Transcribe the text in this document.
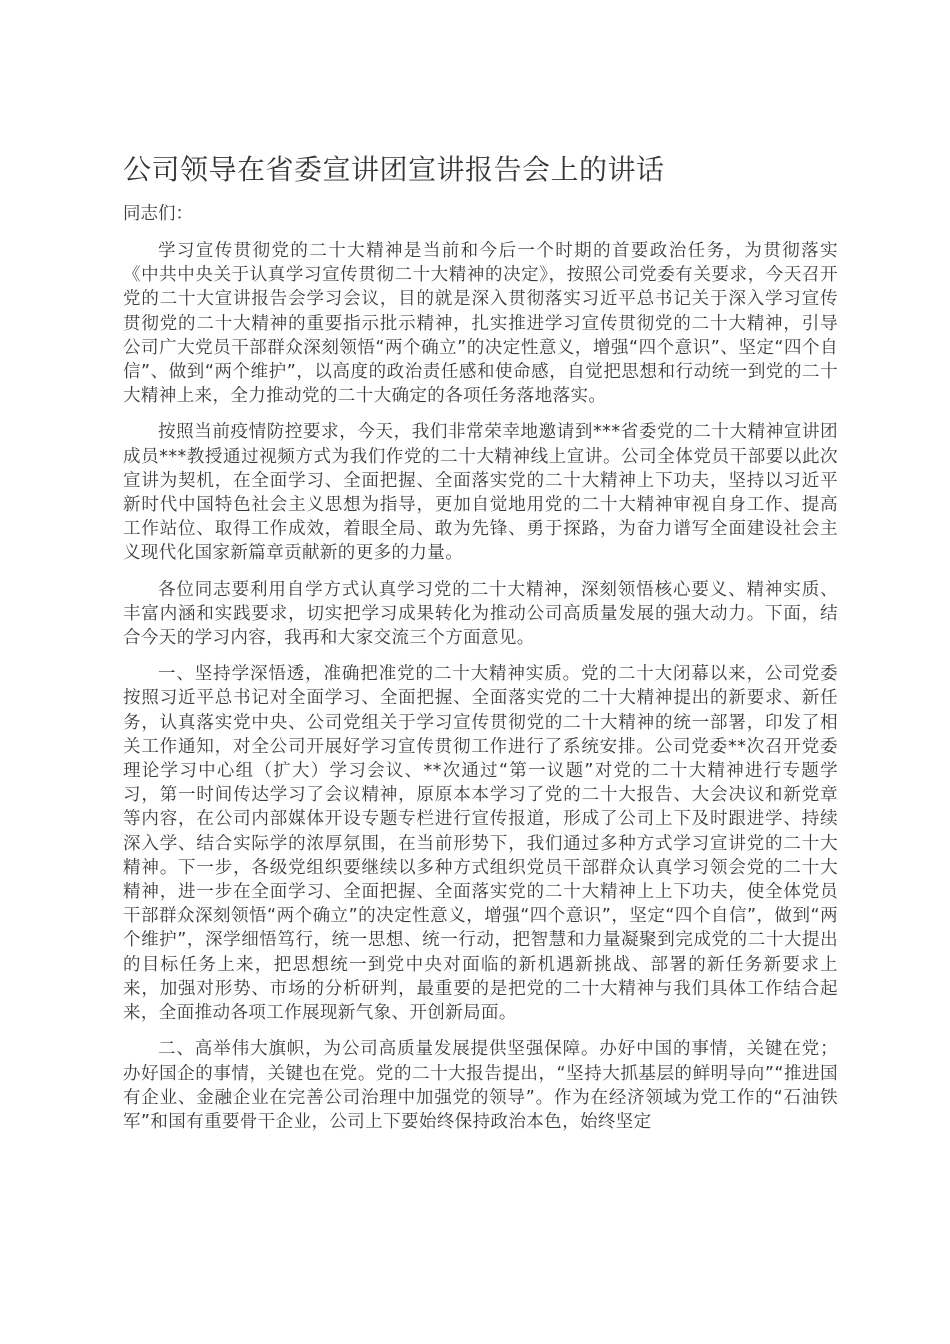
公司领导在省委宣讲团宣讲报告会上的讲话

同志们：

学习宣传贯彻党的二十大精神是当前和今后一个时期的首要政治任务，为贯彻落实《中共中央关于认真学习宣传贯彻二十大精神的决定》，按照公司党委有关要求，今天召开党的二十大宣讲报告会学习会议，目的就是深入贯彻落实习近平总书记关于深入学习宣传贯彻党的二十大精神的重要指示批示精神，扎实推进学习宣传贯彻党的二十大精神，引导公司广大党员干部群众深刻领悟“两个确立”的决定性意义，增强“四个意识”、坚定“四个自信”、做到“两个维护”，以高度的政治责任感和使命感，自觉把思想和行动统一到党的二十大精神上来，全力推动党的二十大确定的各项任务落地落实。

按照当前疫情防控要求，今天，我们非常荣幸地邀请到***省委党的二十大精神宣讲团成员***教授通过视频方式为我们作党的二十大精神线上宣讲。公司全体党员干部要以此次宣讲为契机，在全面学习、全面把握、全面落实党的二十大精神上下功夫，坚持以习近平新时代中国特色社会主义思想为指导，更加自觉地用党的二十大精神审视自身工作、提高工作站位、取得工作成效，着眼全局、敢为先锋、勇于探路，为奋力谱写全面建设社会主义现代化国家新篇章贡献新的更多的力量。

各位同志要利用自学方式认真学习党的二十大精神，深刻领悟核心要义、精神实质、丰富内涵和实践要求，切实把学习成果转化为推动公司高质量发展的强大动力。下面，结合今天的学习内容，我再和大家交流三个方面意见。

一、坚持学深悟透，准确把准党的二十大精神实质。党的二十大闭幕以来，公司党委按照习近平总书记对全面学习、全面把握、全面落实党的二十大精神提出的新要求、新任务，认真落实党中央、公司党组关于学习宣传贯彻党的二十大精神的统一部署，印发了相关工作通知，对全公司开展好学习宣传贯彻工作进行了系统安排。公司党委**次召开党委理论学习中心组（扩大）学习会议、**次通过“第一议题”对党的二十大精神进行专题学习，第一时间传达学习了会议精神，原原本本学习了党的二十大报告、大会决议和新党章等内容，在公司内部媒体开设专题专栏进行宣传报道，形成了公司上下及时跟进学、持续深入学、结合实际学的浓厚氛围，在当前形势下，我们通过多种方式学习宣讲党的二十大精神。下一步，各级党组织要继续以多种方式组织党员干部群众认真学习领会党的二十大精神，进一步在全面学习、全面把握、全面落实党的二十大精神上上下功夫，使全体党员干部群众深刻领悟“两个确立”的决定性意义，增强“四个意识”，坚定“四个自信”，做到“两个维护”，深学细悟笃行，统一思想、统一行动，把智慧和力量凝聚到完成党的二十大提出的目标任务上来，把思想统一到党中央对面临的新机遇新挑战、部署的新任务新要求上来，加强对形势、市场的分析研判，最重要的是把党的二十大精神与我们具体工作结合起来，全面推动各项工作展现新气象、开创新局面。

二、高举伟大旗帜，为公司高质量发展提供坚强保障。办好中国的事情，关键在党；办好国企的事情，关键也在党。党的二十大报告提出，“坚持大抓基层的鲜明导向”“推进国有企业、金融企业在完善公司治理中加强党的领导”。作为在经济领域为党工作的“石油铁军”和国有重要骨干企业，公司上下要始终保持政治本色，始终坚定
